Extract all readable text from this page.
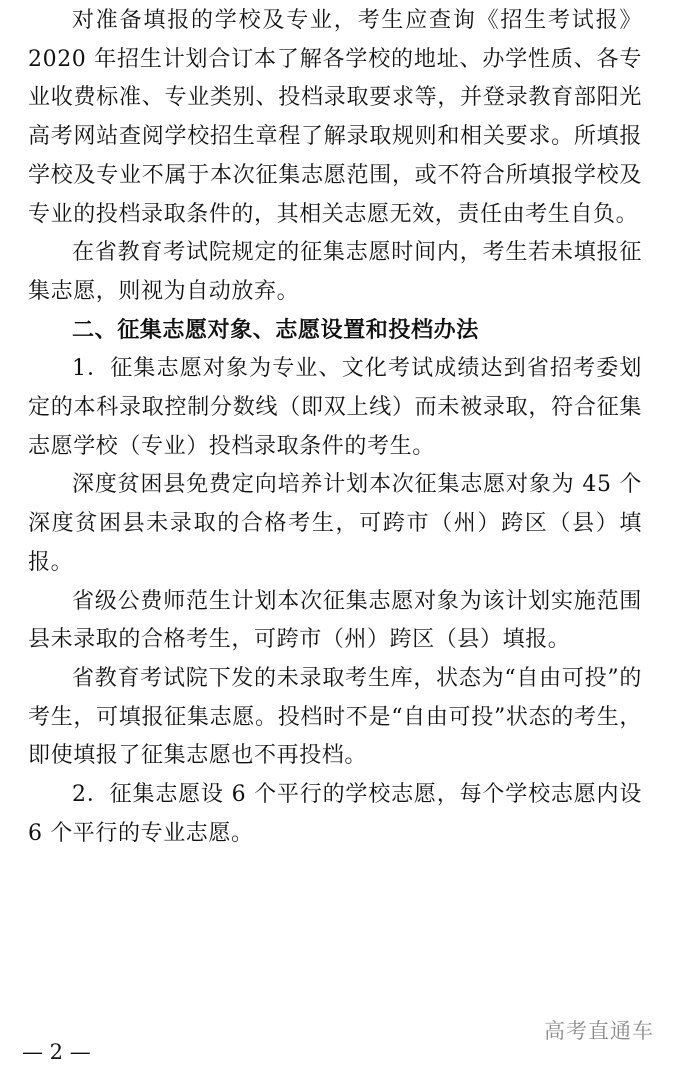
对准备填报的学校及专业，考生应查询《招生考试报》2020 年招生计划合订本了解各学校的地址、办学性质、各专业收费标准、专业类别、投档录取要求等，并登录教育部阳光高考网站查阅学校招生章程了解录取规则和相关要求。所填报学校及专业不属于本次征集志愿范围，或不符合所填报学校及专业的投档录取条件的，其相关志愿无效，责任由考生自负。

在省教育考试院规定的征集志愿时间内，考生若未填报征集志愿，则视为自动放弃。

二、征集志愿对象、志愿设置和投档办法

1．征集志愿对象为专业、文化考试成绩达到省招考委划定的本科录取控制分数线（即双上线）而未被录取，符合征集志愿学校（专业）投档录取条件的考生。

深度贫困县免费定向培养计划本次征集志愿对象为 45 个深度贫困县未录取的合格考生，可跨市（州）跨区（县）填报。

省级公费师范生计划本次征集志愿对象为该计划实施范围县未录取的合格考生，可跨市（州）跨区（县）填报。

省教育考试院下发的未录取考生库，状态为“自由可投”的考生，可填报征集志愿。投档时不是“自由可投”状态的考生，即使填报了征集志愿也不再投档。

2．征集志愿设 6 个平行的学校志愿，每个学校志愿内设 6 个平行的专业志愿。

高考直通车
— 2 —
